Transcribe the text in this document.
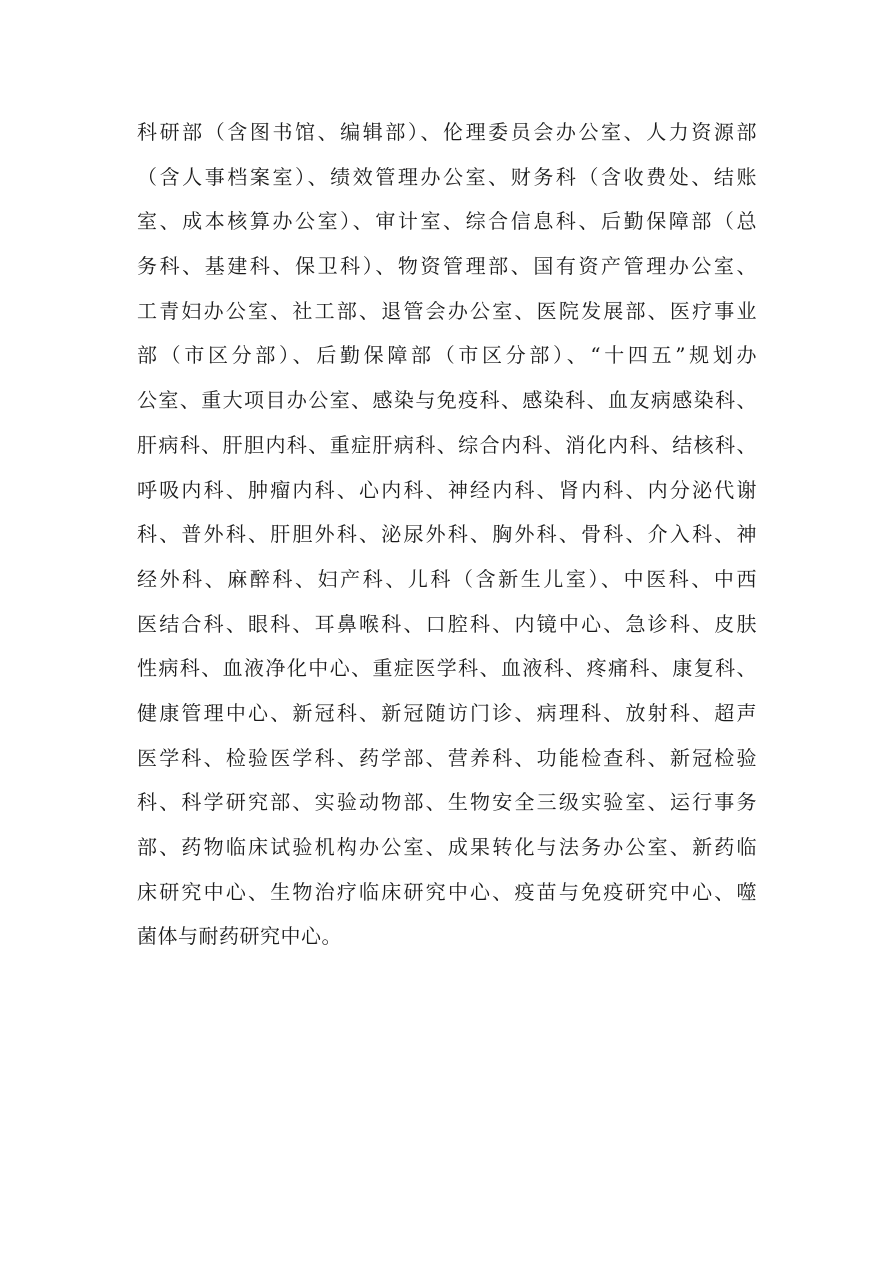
科研部（含图书馆、编辑部）、伦理委员会办公室、人力资源部
（含人事档案室）、绩效管理办公室、财务科（含收费处、结账
室、成本核算办公室）、审计室、综合信息科、后勤保障部（总
务科、基建科、保卫科）、物资管理部、国有资产管理办公室、
工青妇办公室、社工部、退管会办公室、医院发展部、医疗事业
部（市区分部）、后勤保障部（市区分部）、“十四五”规划办
公室、重大项目办公室、感染与免疫科、感染科、血友病感染科、
肝病科、肝胆内科、重症肝病科、综合内科、消化内科、结核科、
呼吸内科、肿瘤内科、心内科、神经内科、肾内科、内分泌代谢
科、普外科、肝胆外科、泌尿外科、胸外科、骨科、介入科、神
经外科、麻醉科、妇产科、儿科（含新生儿室）、中医科、中西
医结合科、眼科、耳鼻喉科、口腔科、内镜中心、急诊科、皮肤
性病科、血液净化中心、重症医学科、血液科、疼痛科、康复科、
健康管理中心、新冠科、新冠随访门诊、病理科、放射科、超声
医学科、检验医学科、药学部、营养科、功能检查科、新冠检验
科、科学研究部、实验动物部、生物安全三级实验室、运行事务
部、药物临床试验机构办公室、成果转化与法务办公室、新药临
床研究中心、生物治疗临床研究中心、疫苗与免疫研究中心、噬
菌体与耐药研究中心。
